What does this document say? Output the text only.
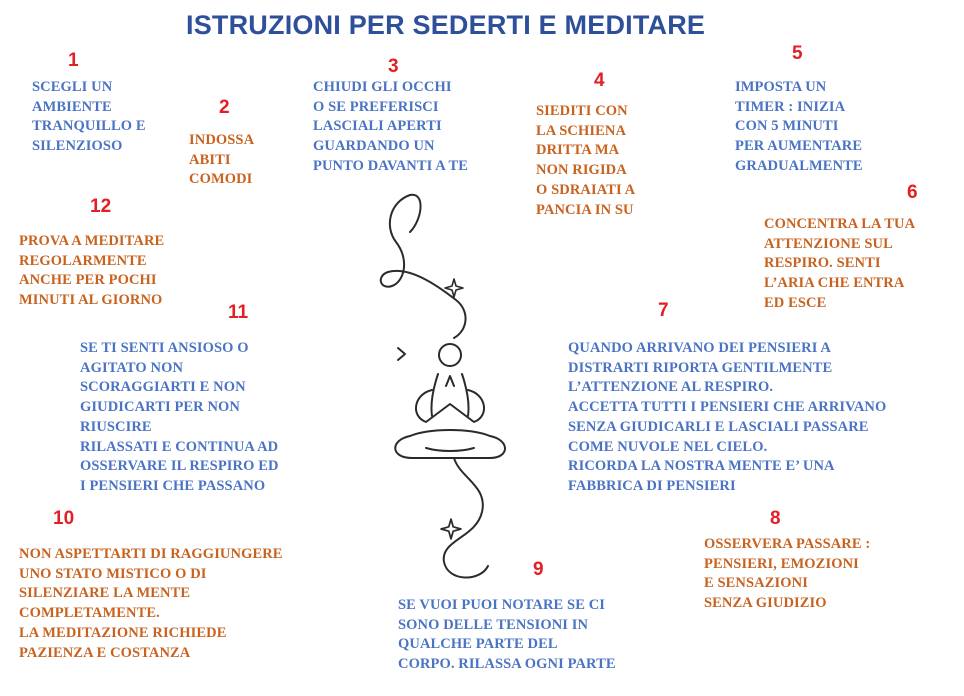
ISTRUZIONI PER SEDERTI E MEDITARE
1
SCEGLI UN
AMBIENTE
TRANQUILLO E
SILENZIOSO
2
INDOSSA
ABITI
COMODI
3
CHIUDI GLI OCCHI
O SE PREFERISCI
LASCIALI APERTI
GUARDANDO UN
PUNTO DAVANTI A TE
4
SIEDITI CON
LA SCHIENA
DRITTA MA
NON RIGIDA
O SDRAIATI A
PANCIA IN SU
5
IMPOSTA UN
TIMER : INIZIA
CON 5 MINUTI
PER AUMENTARE
GRADUALMENTE
6
CONCENTRA LA TUA
ATTENZIONE SUL
RESPIRO. SENTI
L’ARIA CHE ENTRA
ED ESCE
7
QUANDO ARRIVANO DEI PENSIERI A
DISTRARTI RIPORTA GENTILMENTE
L’ATTENZIONE AL RESPIRO.
ACCETTA TUTTI I PENSIERI CHE ARRIVANO
SENZA GIUDICARLI E LASCIALI PASSARE
COME NUVOLE NEL CIELO.
RICORDA LA NOSTRA MENTE E’ UNA
FABBRICA DI PENSIERI
8
OSSERVERA PASSARE :
PENSIERI, EMOZIONI
E SENSAZIONI
SENZA GIUDIZIO
9
SE VUOI PUOI NOTARE SE CI
SONO DELLE TENSIONI IN
QUALCHE PARTE DEL
CORPO. RILASSA OGNI PARTE
10
NON ASPETTARTI DI RAGGIUNGERE
UNO STATO MISTICO O DI
SILENZIARE LA MENTE
COMPLETAMENTE.
LA MEDITAZIONE RICHIEDE
PAZIENZA E COSTANZA
11
SE TI SENTI ANSIOSO O
AGITATO NON
SCORAGGIARTI E NON
GIUDICARTI PER NON
RIUSCIRE
RILASSATI E CONTINUA AD
OSSERVARE IL RESPIRO ED
I PENSIERI CHE PASSANO
12
PROVA A MEDITARE
REGOLARMENTE
ANCHE PER POCHI
MINUTI AL GIORNO
